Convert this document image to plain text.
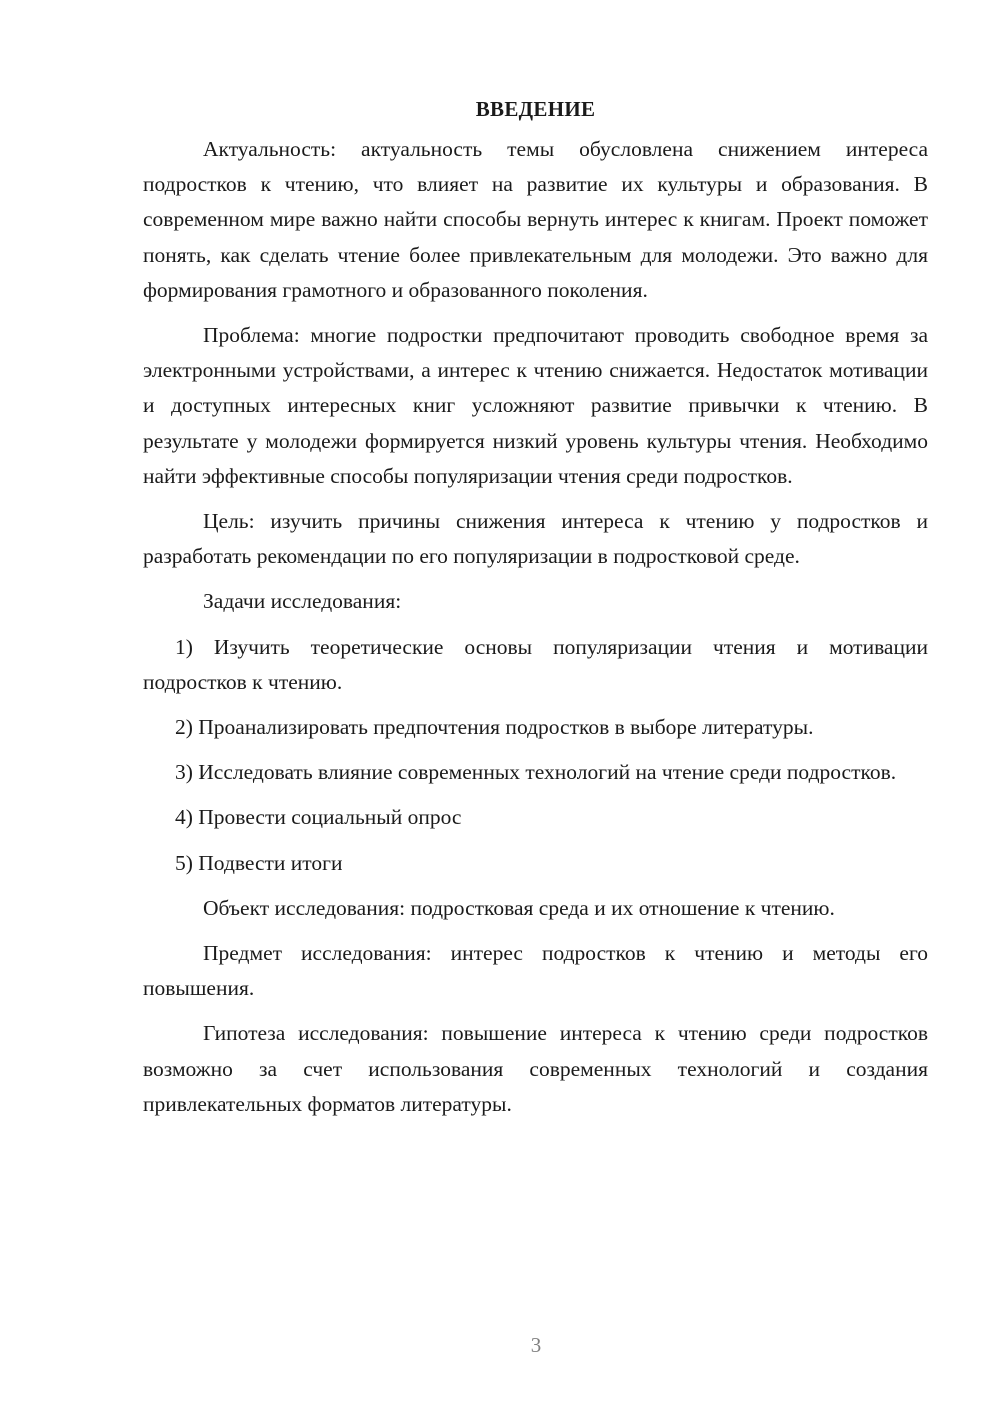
ВВЕДЕНИЕ

Актуальность: актуальность темы обусловлена снижением интереса подростков к чтению, что влияет на развитие их культуры и образования. В современном мире важно найти способы вернуть интерес к книгам. Проект поможет понять, как сделать чтение более привлекательным для молодежи. Это важно для формирования грамотного и образованного поколения.

Проблема: многие подростки предпочитают проводить свободное время за электронными устройствами, а интерес к чтению снижается. Недостаток мотивации и доступных интересных книг усложняют развитие привычки к чтению. В результате у молодежи формируется низкий уровень культуры чтения. Необходимо найти эффективные способы популяризации чтения среди подростков.

Цель: изучить причины снижения интереса к чтению у подростков и разработать рекомендации по его популяризации в подростковой среде.

Задачи исследования:

1) Изучить теоретические основы популяризации чтения и мотивации подростков к чтению.

2) Проанализировать предпочтения подростков в выборе литературы.

3) Исследовать влияние современных технологий на чтение среди подростков.

4) Провести социальный опрос

5) Подвести итоги

Объект исследования: подростковая среда и их отношение к чтению.

Предмет исследования: интерес подростков к чтению и методы его повышения.

Гипотеза исследования: повышение интереса к чтению среди подростков возможно за счет использования современных технологий и создания привлекательных форматов литературы.

3
